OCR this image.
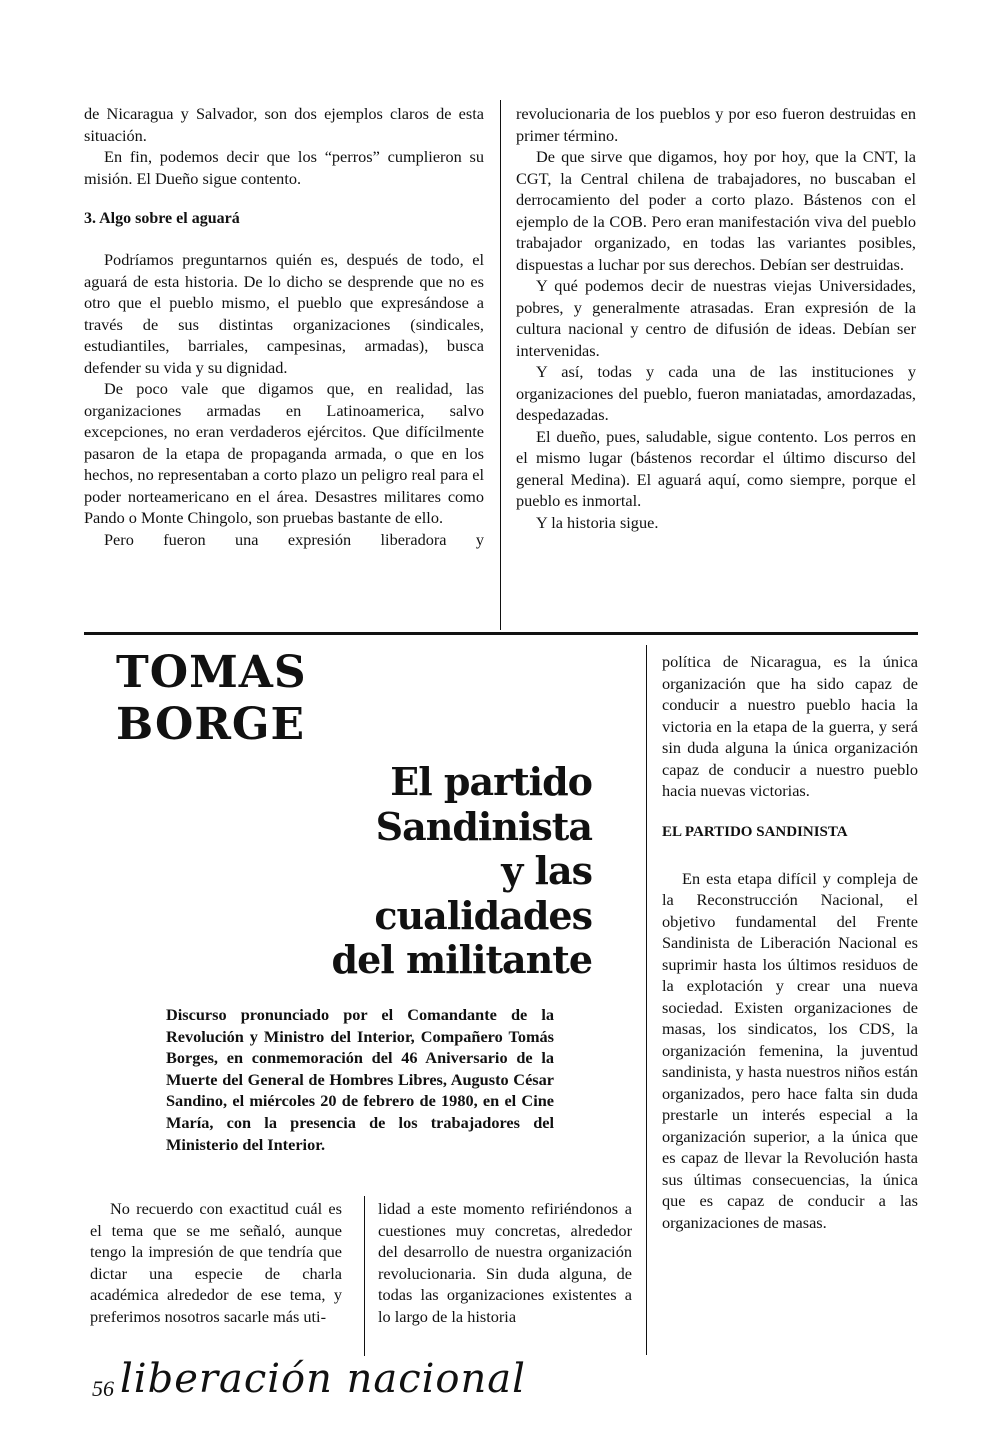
de Nicaragua y Salvador, son dos ejemplos claros de esta situación.

En fin, podemos decir que los “perros” cumplieron su misión. El Dueño sigue contento.

3. Algo sobre el aguará

Podríamos preguntarnos quién es, después de todo, el aguará de esta historia. De lo dicho se desprende que no es otro que el pueblo mismo, el pueblo que expresándose a través de sus distintas organizaciones (sindicales, estudiantiles, barriales, campesinas, armadas), busca defender su vida y su dignidad.

De poco vale que digamos que, en realidad, las organizaciones armadas en Latinoamerica, salvo excepciones, no eran verdaderos ejércitos. Que difícilmente pasaron de la etapa de propaganda armada, o que en los hechos, no representaban a corto plazo un peligro real para el poder norteamericano en el área. Desastres militares como Pando o Monte Chingolo, son pruebas bastante de ello.

Pero fueron una expresión liberadora y

revolucionaria de los pueblos y por eso fueron destruidas en primer término.

De que sirve que digamos, hoy por hoy, que la CNT, la CGT, la Central chilena de trabajadores, no buscaban el derrocamiento del poder a corto plazo. Bástenos con el ejemplo de la COB. Pero eran manifestación viva del pueblo trabajador organizado, en todas las variantes posibles, dispuestas a luchar por sus derechos. Debían ser destruidas.

Y qué podemos decir de nuestras viejas Universidades, pobres, y generalmente atrasadas. Eran expresión de la cultura nacional y centro de difusión de ideas. Debían ser intervenidas.

Y así, todas y cada una de las instituciones y organizaciones del pueblo, fueron maniatadas, amordazadas, despedazadas.

El dueño, pues, saludable, sigue contento. Los perros en el mismo lugar (bástenos recordar el último discurso del general Medina). El aguará aquí, como siempre, porque el pueblo es inmortal.

Y la historia sigue.

TOMAS BORGE
El partido
Sandinista
y las
cualidades
del militante

Discurso pronunciado por el Comandante de la Revolución y Ministro del Interior, Compañero Tomás Borges, en conmemoración del 46 Aniversario de la Muerte del General de Hombres Libres, Augusto César Sandino, el miércoles 20 de febrero de 1980, en el Cine María, con la presencia de los trabajadores del Ministerio del Interior.

No recuerdo con exactitud cuál es el tema que se me señaló, aunque tengo la impresión de que tendría que dictar una especie de charla académica alrededor de ese tema, y preferimos nosotros sacarle más uti-

lidad a este momento refiriéndonos a cuestiones muy concretas, alrededor del desarrollo de nuestra organización revolucionaria. Sin duda alguna, de todas las organizaciones existentes a lo largo de la historia

política de Nicaragua, es la única organización que ha sido capaz de conducir a nuestro pueblo hacia la victoria en la etapa de la guerra, y será sin duda alguna la única organización capaz de conducir a nuestro pueblo hacia nuevas victorias.

EL PARTIDO SANDINISTA

En esta etapa difícil y compleja de la Reconstrucción Nacional, el objetivo fundamental del Frente Sandinista de Liberación Nacional es suprimir hasta los últimos residuos de la explotación y crear una nueva sociedad. Existen organizaciones de masas, los sindicatos, los CDS, la organización femenina, la juventud sandinista, y hasta nuestros niños están organizados, pero hace falta sin duda prestarle un interés especial a la organización superior, a la única que es capaz de llevar la Revolución hasta sus últimas consecuencias, la única que es capaz de conducir a las organizaciones de masas.

56 liberación nacional
